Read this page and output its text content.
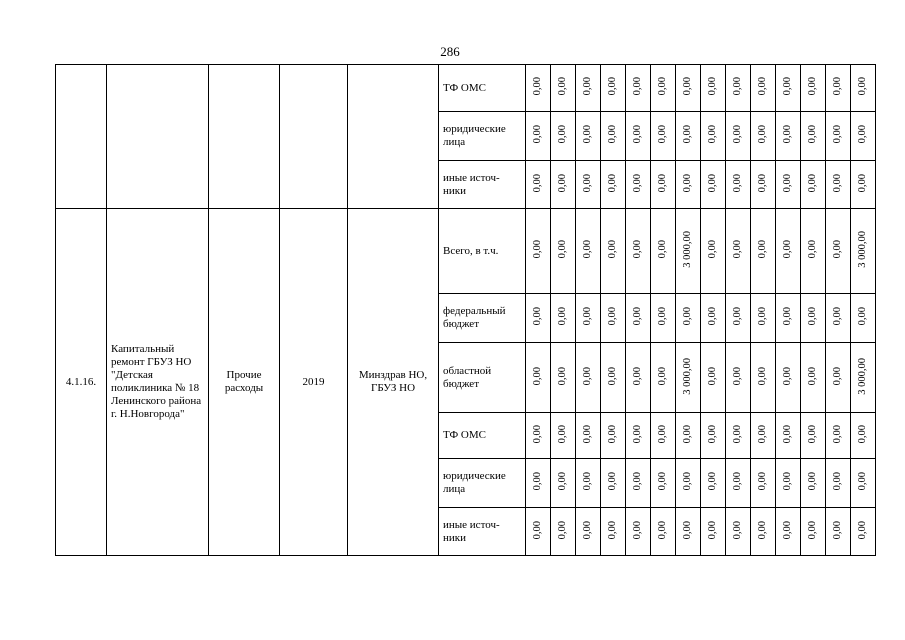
286
					ТФ ОМС	0,00	0,00	0,00	0,00	0,00	0,00	0,00	0,00	0,00	0,00	0,00	0,00	0,00	0,00
					юридические лица	0,00	0,00	0,00	0,00	0,00	0,00	0,00	0,00	0,00	0,00	0,00	0,00	0,00	0,00
					иные источ-ники	0,00	0,00	0,00	0,00	0,00	0,00	0,00	0,00	0,00	0,00	0,00	0,00	0,00	0,00
4.1.16.	Капитальный ремонт ГБУЗ НО "Детская поликлиника № 18 Ленинского района г. Н.Новгорода"	Прочие расходы	2019	Минздрав НО, ГБУЗ НО	Всего, в т.ч.	0,00	0,00	0,00	0,00	0,00	0,00	3 000,00	0,00	0,00	0,00	0,00	0,00	0,00	3 000,00
					федеральный бюджет	0,00	0,00	0,00	0,00	0,00	0,00	0,00	0,00	0,00	0,00	0,00	0,00	0,00	0,00
					областной бюджет	0,00	0,00	0,00	0,00	0,00	0,00	3 000,00	0,00	0,00	0,00	0,00	0,00	0,00	3 000,00
					ТФ ОМС	0,00	0,00	0,00	0,00	0,00	0,00	0,00	0,00	0,00	0,00	0,00	0,00	0,00	0,00
					юридические лица	0,00	0,00	0,00	0,00	0,00	0,00	0,00	0,00	0,00	0,00	0,00	0,00	0,00	0,00
					иные источ-ники	0,00	0,00	0,00	0,00	0,00	0,00	0,00	0,00	0,00	0,00	0,00	0,00	0,00	0,00
